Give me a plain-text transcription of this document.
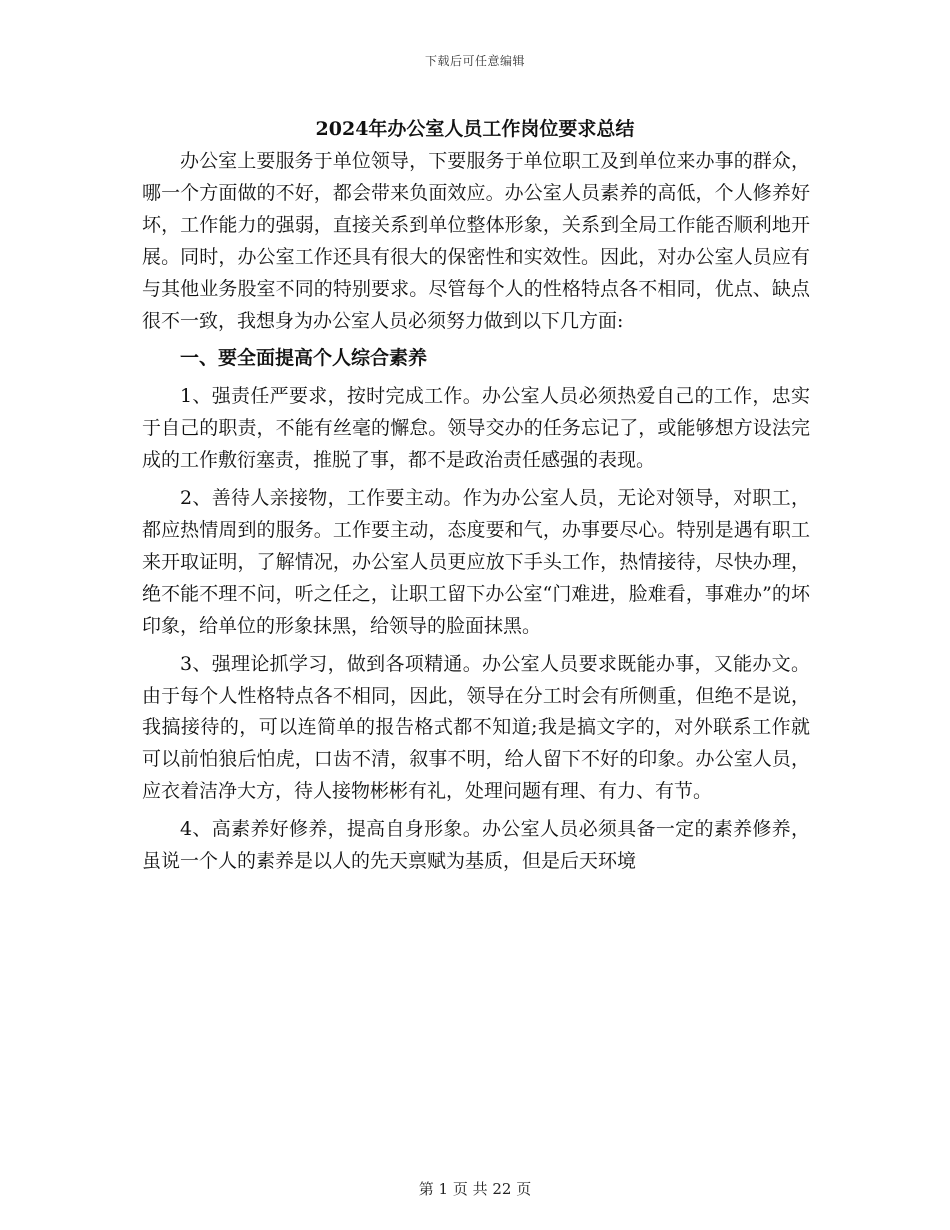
下载后可任意编辑
2024年办公室人员工作岗位要求总结

办公室上要服务于单位领导，下要服务于单位职工及到单位来办事的群众，哪一个方面做的不好，都会带来负面效应。办公室人员素养的高低，个人修养好坏，工作能力的强弱，直接关系到单位整体形象，关系到全局工作能否顺利地开展。同时，办公室工作还具有很大的保密性和实效性。因此，对办公室人员应有与其他业务股室不同的特别要求。尽管每个人的性格特点各不相同，优点、缺点很不一致，我想身为办公室人员必须努力做到以下几方面:

一、要全面提高个人综合素养

1、强责任严要求，按时完成工作。办公室人员必须热爱自己的工作，忠实于自己的职责，不能有丝毫的懈怠。领导交办的任务忘记了，或能够想方设法完成的工作敷衍塞责，推脱了事，都不是政治责任感强的表现。

2、善待人亲接物，工作要主动。作为办公室人员，无论对领导，对职工，都应热情周到的服务。工作要主动，态度要和气，办事要尽心。特别是遇有职工来开取证明，了解情况，办公室人员更应放下手头工作，热情接待，尽快办理，绝不能不理不问，听之任之，让职工留下办公室“门难进，脸难看，事难办”的坏印象，给单位的形象抹黑，给领导的脸面抹黑。

3、强理论抓学习，做到各项精通。办公室人员要求既能办事，又能办文。由于每个人性格特点各不相同，因此，领导在分工时会有所侧重，但绝不是说，我搞接待的，可以连简单的报告格式都不知道;我是搞文字的，对外联系工作就可以前怕狼后怕虎，口齿不清，叙事不明，给人留下不好的印象。办公室人员，应衣着洁净大方，待人接物彬彬有礼，处理问题有理、有力、有节。

4、高素养好修养，提高自身形象。办公室人员必须具备一定的素养修养，虽说一个人的素养是以人的先天禀赋为基质，但是后天环境

第 1 页 共 22 页
